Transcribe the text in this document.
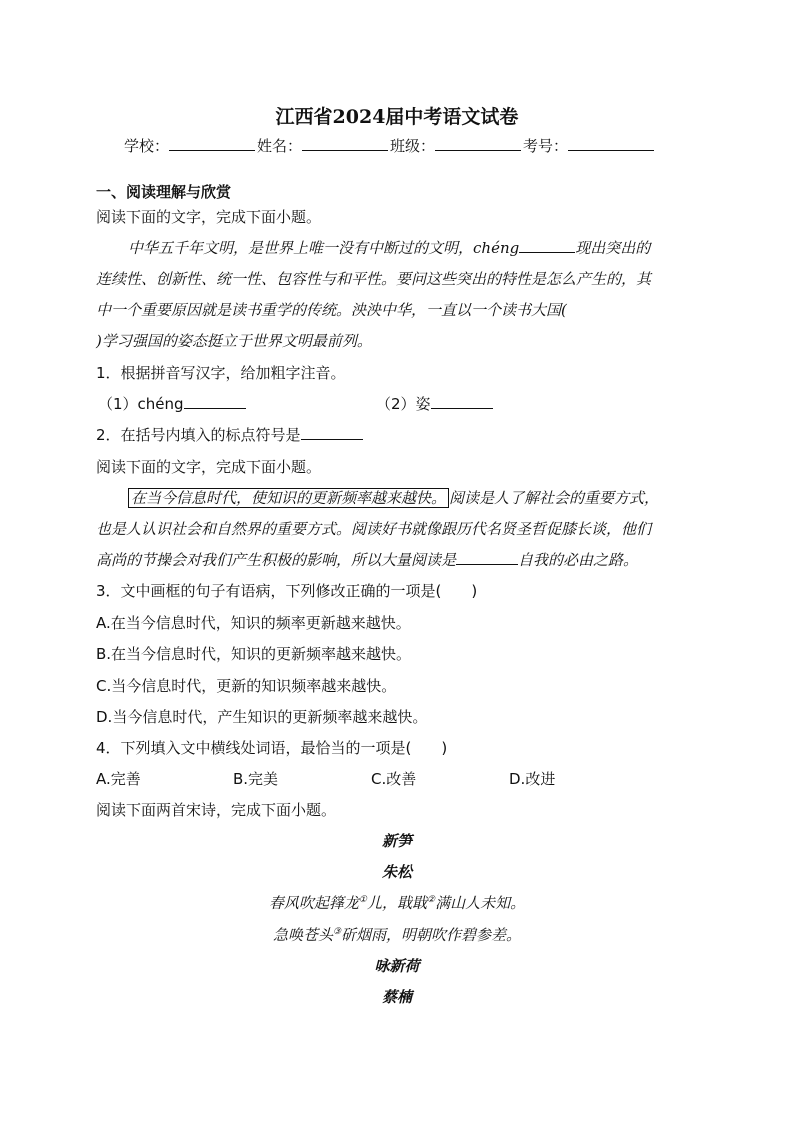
江西省2024届中考语文试卷
学校：	姓名：	班级：	考号：
一、阅读理解与欣赏
阅读下面的文字，完成下面小题。
中华五千年文明，是世界上唯一没有中断过的文明，chéng	现出突出的
连续性、创新性、统一性、包容性与和平性。要问这些突出的特性是怎么产生的，其
中一个重要原因就是读书重学的传统。泱泱中华，一直以一个读书大国(
)学习强国的姿态挺立于世界文明最前列。
1．根据拼音写汉字，给加粗字注音。
（1）chéng	（2）姿
2．在括号内填入的标点符号是
阅读下面的文字，完成下面小题。
在当今信息时代，使知识的更新频率越来越快。 阅读是人了解社会的重要方式，
也是人认识社会和自然界的重要方式。阅读好书就像跟历代名贤圣哲促膝长谈，他们
高尚的节操会对我们产生积极的影响，所以大量阅读是	自我的必由之路。
3．文中画框的句子有语病，下列修改正确的一项是(　　)
A.在当今信息时代，知识的频率更新越来越快。
B.在当今信息时代，知识的更新频率越来越快。
C.当今信息时代，更新的知识频率越来越快。
D.当今信息时代，产生知识的更新频率越来越快。
4．下列填入文中横线处词语，最恰当的一项是(　　)
A.完善	B.完美	C.改善	D.改进
阅读下面两首宋诗，完成下面小题。
新笋
朱松
春风吹起箨龙①儿，戢戢②满山人未知。
急唤苍头③斫烟雨，明朝吹作碧参差。
咏新荷
蔡楠
